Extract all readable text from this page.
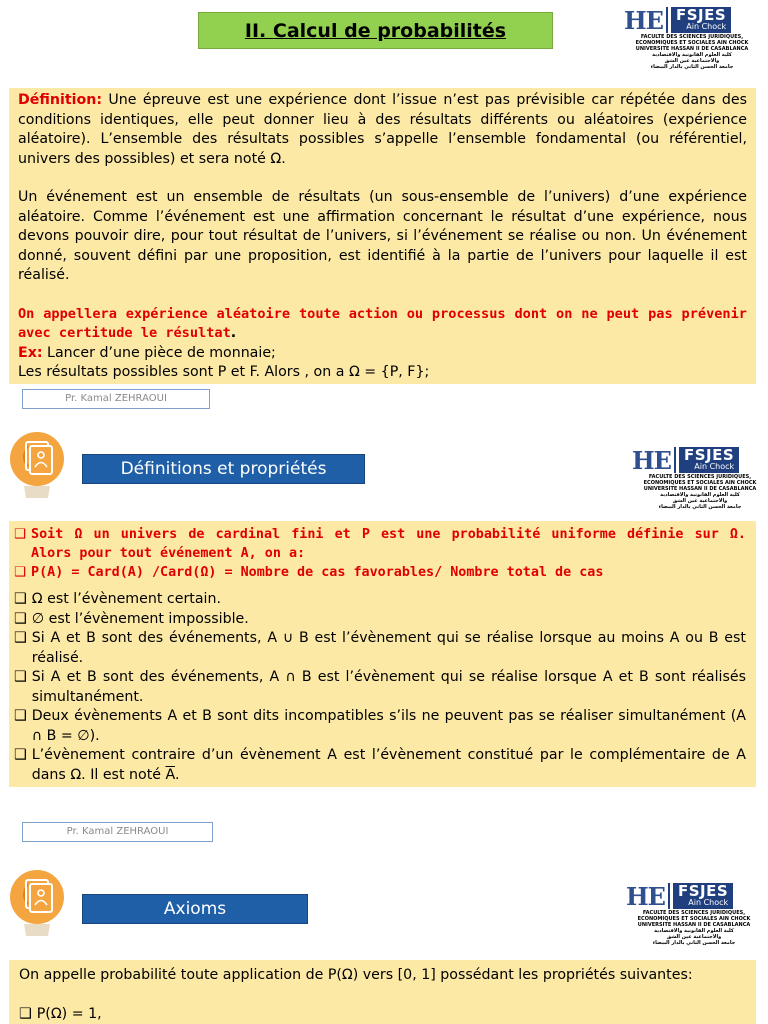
II. Calcul de probabilités	HE FSJES
Ain Chock
FACULTÉ DES SCIENCES JURIDIQUES,
ÉCONOMIQUES ET SOCIALES AIN CHOCK
UNIVERSITÉ HASSAN II DE CASABLANCA
كلية العلوم القانونية والاقتصادية
والاجتماعية عين الشق
جامعة الحسن الثاني بالدار البيضاء

Définition: Une épreuve est une expérience dont l’issue n’est pas prévisible car répétée dans des conditions identiques, elle peut donner lieu à des résultats différents ou aléatoires (expérience aléatoire). L’ensemble des résultats possibles s’appelle l’ensemble fondamental (ou référentiel, univers des possibles) et sera noté Ω.

Un événement est un ensemble de résultats (un sous-ensemble de l’univers) d’une expérience aléatoire. Comme l’événement est une affirmation concernant le résultat d’une expérience, nous devons pouvoir dire, pour tout résultat de l’univers, si l’événement se réalise ou non. Un événement donné, souvent défini par une proposition, est identifié à la partie de l’univers pour laquelle il est réalisé.

On appellera expérience aléatoire toute action ou processus dont on ne peut pas prévenir avec certitude le résultat.

Ex: Lancer d’une pièce de monnaie;

Les résultats possibles sont P et F. Alors , on a Ω = {P, F};

Pr. Kamal ZEHRAOUI
Définitions et propriétés	HE FSJES
Ain Chock
FACULTÉ DES SCIENCES JURIDIQUES,
ÉCONOMIQUES ET SOCIALES AIN CHOCK
UNIVERSITÉ HASSAN II DE CASABLANCA
كلية العلوم القانونية والاقتصادية
والاجتماعية عين الشق
جامعة الحسن الثاني بالدار البيضاء
❑ Soit Ω un univers de cardinal fini et P est une probabilité uniforme définie sur Ω. Alors pour tout événement A, on a:
❑ P(A) = Card(A) /Card(Ω) = Nombre de cas favorables/ Nombre total de cas
❑ Ω est l’évènement certain.
❑ ∅ est l’évènement impossible.
❑ Si A et B sont des événements, A ∪ B est l’évènement qui se réalise lorsque au moins A ou B est réalisé.
❑ Si A et B sont des événements, A ∩ B est l’évènement qui se réalise lorsque A et B sont réalisés simultanément.
❑ Deux évènements A et B sont dits incompatibles s’ils ne peuvent pas se réaliser simultanément (A ∩ B = ∅).
❑ L’évènement contraire d’un évènement A est l’évènement constitué par le complémentaire de A dans Ω. Il est noté $\overline{A}$.
Pr. Kamal ZEHRAOUI
Axioms	HE FSJES
Ain Chock
FACULTÉ DES SCIENCES JURIDIQUES,
ÉCONOMIQUES ET SOCIALES AIN CHOCK
UNIVERSITÉ HASSAN II DE CASABLANCA
كلية العلوم القانونية والاقتصادية
والاجتماعية عين الشق
جامعة الحسن الثاني بالدار البيضاء

On appelle probabilité toute application de P(Ω) vers [0, 1] possédant les propriétés suivantes:

❑ P(Ω) = 1,
